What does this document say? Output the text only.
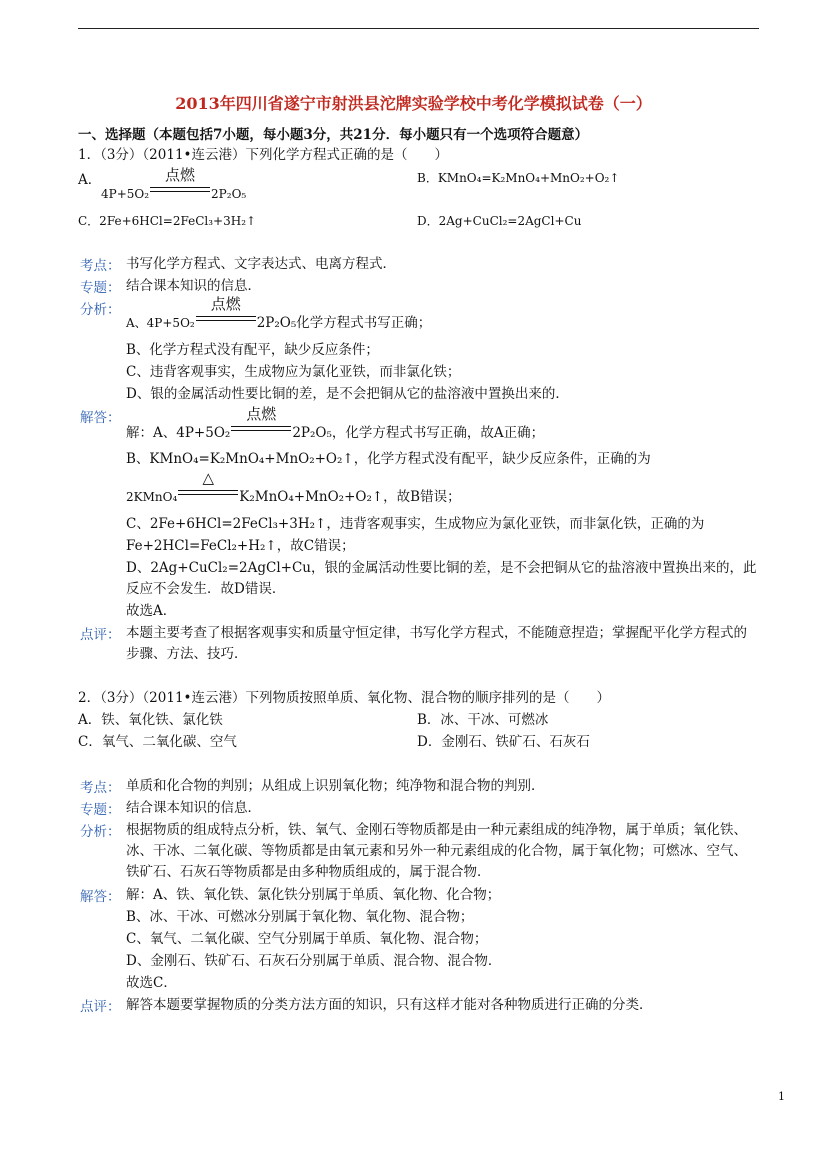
2013年四川省遂宁市射洪县沱牌实验学校中考化学模拟试卷（一）
一、选择题（本题包括7小题，每小题3分，共21分．每小题只有一个选项符合题意）
1．（3分）（2011•连云港）下列化学方程式正确的是（　　）
A．
4P+5O₂
点燃
2P₂O₅
B．KMnO₄=K₂MnO₄+MnO₂+O₂↑
C．2Fe+6HCl=2FeCl₃+3H₂↑	D．2Ag+CuCl₂=2AgCl+Cu
考点： 书写化学方程式、文字表达式、电离方程式．
专题： 结合课本知识的信息．
分析：
A、4P+5O₂
点燃
2P₂O₅化学方程式书写正确；
B、化学方程式没有配平，缺少反应条件；
C、违背客观事实，生成物应为氯化亚铁，而非氯化铁；
D、银的金属活动性要比铜的差，是不会把铜从它的盐溶液中置换出来的．
解答：
解：A、4P+5O₂
点燃
2P₂O₅，化学方程式书写正确，故A正确；
B、KMnO₄=K₂MnO₄+MnO₂+O₂↑，化学方程式没有配平，缺少反应条件，正确的为
2KMnO₄
△
K₂MnO₄+MnO₂+O₂↑，故B错误；
C、2Fe+6HCl=2FeCl₃+3H₂↑，违背客观事实，生成物应为氯化亚铁，而非氯化铁，正确的为
Fe+2HCl=FeCl₂+H₂↑，故C错误；
D、2Ag+CuCl₂=2AgCl+Cu，银的金属活动性要比铜的差，是不会把铜从它的盐溶液中置换出来的，此反应不会发生．故D错误．
故选A．
点评： 本题主要考查了根据客观事实和质量守恒定律，书写化学方程式，不能随意捏造；掌握配平化学方程式的步骤、方法、技巧．
2．（3分）（2011•连云港）下列物质按照单质、氧化物、混合物的顺序排列的是（　　）
A．铁、氧化铁、氯化铁	B．冰、干冰、可燃冰
C．氧气、二氧化碳、空气	D．金刚石、铁矿石、石灰石
考点： 单质和化合物的判别；从组成上识别氧化物；纯净物和混合物的判别．
专题： 结合课本知识的信息．
分析： 根据物质的组成特点分析，铁、氧气、金刚石等物质都是由一种元素组成的纯净物，属于单质；氧化铁、冰、干冰、二氧化碳、等物质都是由氧元素和另外一种元素组成的化合物，属于氧化物；可燃冰、空气、铁矿石、石灰石等物质都是由多种物质组成的，属于混合物．
解答： 解：A、铁、氧化铁、氯化铁分别属于单质、氧化物、化合物；
B、冰、干冰、可燃冰分别属于氧化物、氧化物、混合物；
C、氧气、二氧化碳、空气分别属于单质、氧化物、混合物；
D、金刚石、铁矿石、石灰石分别属于单质、混合物、混合物．
故选C．
点评： 解答本题要掌握物质的分类方法方面的知识，只有这样才能对各种物质进行正确的分类．
1
